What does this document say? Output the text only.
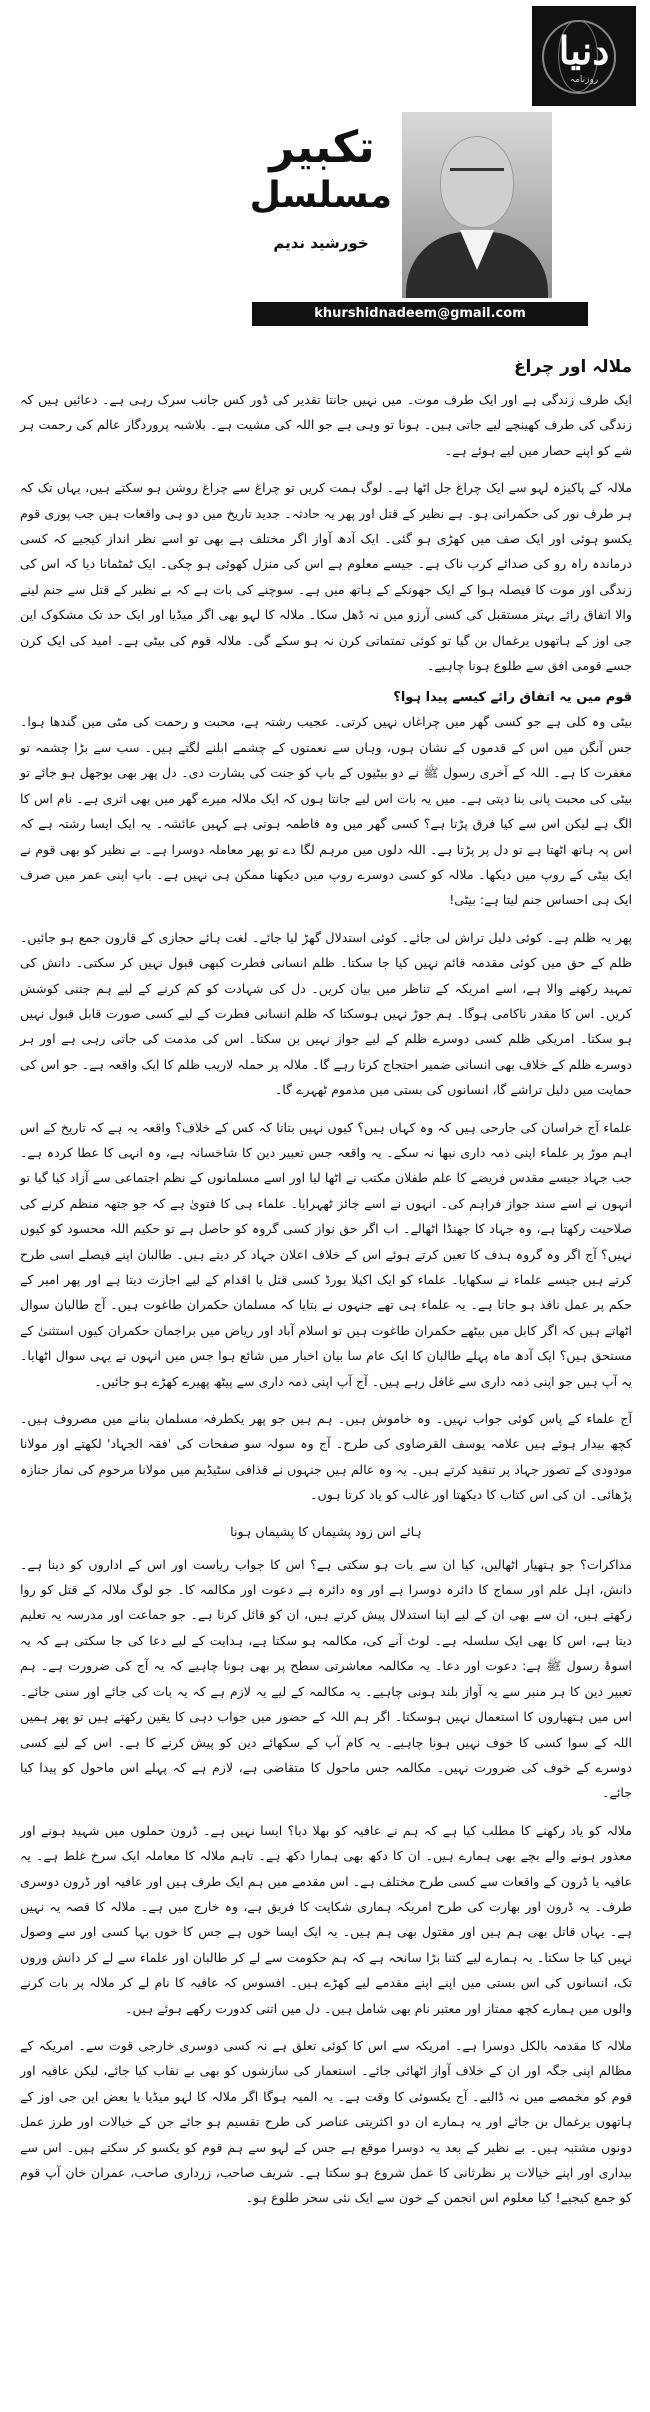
دنیا
روزنامہ
تکبیر
مسلسل
خورشید ندیم
khurshidnadeem@gmail.com
ملالہ اور چراغ

ایک طرف زندگی ہے اور ایک طرف موت۔ میں نہیں جانتا تقدیر کی ڈور کس جانب سرک رہی ہے۔ دعائیں ہیں کہ زندگی کی طرف کھینچے لیے جاتی ہیں۔ ہونا تو وہی ہے جو اللہ کی مشیت ہے۔ بلاشبہ پروردگار عالم کی رحمت ہر شے کو اپنے حصار میں لیے ہوئے ہے۔

ملالہ کے پاکیزہ لہو سے ایک چراغ جل اٹھا ہے۔ لوگ ہمت کریں تو چراغ سے چراغ روشن ہو سکتے ہیں، یہاں تک کہ ہر طرف نور کی حکمرانی ہو۔ ہے نظیر کے قتل اور پھر یہ حادثہ۔ جدید تاریخ میں دو ہی واقعات ہیں جب پوری قوم یکسو ہوئی اور ایک صف میں کھڑی ہو گئی۔ ایک آدھ آواز اگر مختلف ہے بھی تو اسے نظر انداز کیجیے کہ کسی درماندہ راہ رو کی صدائے کرب ناک ہے۔ جیسے معلوم ہے اس کی منزل کھوئی ہو چکی۔ ایک ٹمٹماتا دیا کہ اس کی زندگی اور موت کا فیصلہ ہوا کے ایک جھونکے کے ہاتھ میں ہے۔ سوچنے کی بات ہے کہ بے نظیر کے قتل سے جنم لینے والا اتفاق رائے بہتر مستقبل کی کسی آرزو میں نہ ڈھل سکا۔ ملالہ کا لہو بھی اگر میڈیا اور ایک حد تک مشکوک این جی اوز کے ہاتھوں یرغمال بن گیا تو کوئی تمتماتی کرن نہ ہو سکے گی۔ ملالہ قوم کی بیٹی ہے۔ امید کی ایک کرن جسے قومی افق سے طلوع ہونا چاہیے۔

قوم میں یہ اتفاق رائے کیسے پیدا ہوا؟

بیٹی وہ کلی ہے جو کسی گھر میں چراغاں نہیں کرتی۔ عجیب رشتہ ہے، محبت و رحمت کی مٹی میں گندھا ہوا۔ جس آنگن میں اس کے قدموں کے نشان ہوں، وہاں سے نعمتوں کے چشمے ابلنے لگتے ہیں۔ سب سے بڑا چشمہ تو مغفرت کا ہے۔ اللہ کے آخری رسول ﷺ نے دو بیٹیوں کے باپ کو جنت کی بشارت دی۔ دل پھر بھی بوجھل ہو جائے تو بیٹی کی محبت پانی بنا دیتی ہے۔ میں یہ بات اس لیے جانتا ہوں کہ ایک ملالہ میرے گھر میں بھی اتری ہے۔ نام اس کا الگ ہے لیکن اس سے کیا فرق پڑتا ہے؟ کسی گھر میں وہ فاطمہ ہوتی ہے کہیں عائشہ۔ یہ ایک ایسا رشتہ ہے کہ اس پہ ہاتھ اٹھتا ہے تو دل پر پڑتا ہے۔ اللہ دلوں میں مرہم لگا دے تو پھر معاملہ دوسرا ہے۔ بے نظیر کو بھی قوم نے ایک بیٹی کے روپ میں دیکھا۔ ملالہ کو کسی دوسرے روپ میں دیکھنا ممکن ہی نہیں ہے۔ باپ اپنی عمر میں صرف ایک ہی احساس جنم لیتا ہے: بیٹی!

پھر یہ ظلم ہے۔ کوئی دلیل تراش لی جائے۔ کوئی استدلال گھڑ لیا جائے۔ لغت ہائے حجازی کے قارون جمع ہو جائیں۔ ظلم کے حق میں کوئی مقدمہ قائم نہیں کیا جا سکتا۔ ظلم انسانی فطرت کبھی قبول نہیں کر سکتی۔ دانش کی تمہید رکھنے والا ہے، اسے امریکہ کے تناظر میں بیان کریں۔ دل کی شہادت کو کم کرنے کے لیے ہم جتنی کوشش کریں۔ اس کا مقدر ناکامی ہوگا۔ ہم جوڑ نہیں ہوسکتا کہ ظلم انسانی فطرت کے لیے کسی صورت قابل قبول نہیں ہو سکتا۔ امریکی ظلم کسی دوسرے ظلم کے لیے جواز نہیں بن سکتا۔ اس کی مذمت کی جاتی رہی ہے اور ہر دوسرے ظلم کے خلاف بھی انسانی ضمیر احتجاج کرتا رہے گا۔ ملالہ پر حملہ لاریب ظلم کا ایک واقعہ ہے۔ جو اس کی حمایت میں دلیل تراشے گا، انسانوں کی بستی میں مذموم ٹھہرے گا۔

علماء آج خراسان کی جارحی ہیں کہ وہ کہاں ہیں؟ کیوں نہیں بتاتا کہ کس کے خلاف؟ واقعہ یہ ہے کہ تاریخ کے اس اہم موڑ پر علماء اپنی ذمہ داری نبھا نہ سکے۔ یہ واقعہ جس تعبیر دین کا شاخسانہ ہے، وہ انہی کا عطا کردہ ہے۔ جب جہاد جیسے مقدس فریضے کا علم طفلان مکتب نے اٹھا لیا اور اسے مسلمانوں کے نظم اجتماعی سے آزاد کیا گیا تو انہوں نے اسے سند جواز فراہم کی۔ انہوں نے اسے جائز ٹھہرایا۔ علماء ہی کا فتویٰ ہے کہ جو جتھہ منظم کرنے کی صلاحیت رکھتا ہے، وہ جہاد کا جھنڈا اٹھالے۔ اب اگر حق نواز کسی گروہ کو حاصل ہے تو حکیم اللہ محسود کو کیوں نہیں؟ آج اگر وہ گروہ ہدف کا تعین کرتے ہوئے اس کے خلاف اعلان جہاد کر دیتے ہیں۔ طالبان اپنے فیصلے اسی طرح کرتے ہیں جیسے علماء نے سکھایا۔ علماء کو ایک اکیلا بورڈ کسی قتل یا اقدام کے لیے اجازت دیتا ہے اور پھر امیر کے حکم پر عمل نافذ ہو جاتا ہے۔ یہ علماء ہی تھے جنہوں نے بتایا کہ مسلمان حکمران طاغوت ہیں۔ آج طالبان سوال اٹھاتے ہیں کہ اگر کابل میں بیٹھے حکمران طاغوت ہیں تو اسلام آباد اور ریاض میں براجمان حکمران کیوں استثنیٰ کے مستحق ہیں؟ ایک آدھ ماہ پہلے طالبان کا ایک عام سا بیان اخبار میں شائع ہوا جس میں انہوں نے یہی سوال اٹھایا۔ یہ آپ ہیں جو اپنی ذمہ داری سے غافل رہے ہیں۔ آج آپ اپنی ذمہ داری سے پیٹھ پھیرے کھڑے ہو جائیں۔

آج علماء کے پاس کوئی جواب نہیں۔ وہ خاموش ہیں۔ ہم ہیں جو پھر یکطرفہ مسلمان بنانے میں مصروف ہیں۔ کچھ بیدار ہوئے ہیں علامہ یوسف القرضاوی کی طرح۔ آج وہ سولہ سو صفحات کی 'فقہ الجہاد' لکھتے اور مولانا مودودی کے تصور جہاد پر تنقید کرتے ہیں۔ یہ وہ عالم ہیں جنہوں نے قذافی سٹیڈیم میں مولانا مرحوم کی نماز جنازہ پڑھائی۔ ان کی اس کتاب کا دیکھتا اور غالب کو یاد کرتا ہوں۔

ہائے اس زود پشیماں کا پشیماں ہونا

مذاکرات؟ جو ہتھیار اٹھالیں، کیا ان سے بات ہو سکتی ہے؟ اس کا جواب ریاست اور اس کے اداروں کو دینا ہے۔ دانش، اہل علم اور سماج کا دائرہ دوسرا ہے اور وہ دائرہ ہے دعوت اور مکالمہ کا۔ جو لوگ ملالہ کے قتل کو روا رکھتے ہیں، ان سے بھی ان کے لیے اپنا استدلال پیش کرتے ہیں، ان کو قائل کرنا ہے۔ جو جماعت اور مدرسہ یہ تعلیم دیتا ہے، اس کا بھی ایک سلسلہ ہے۔ لوٹ آنے کی، مکالمہ ہو سکتا ہے، ہدایت کے لیے دعا کی جا سکتی ہے کہ یہ اسوۂ رسول ﷺ ہے: دعوت اور دعا۔ یہ مکالمہ معاشرتی سطح پر بھی ہونا چاہیے کہ یہ آج کی ضرورت ہے۔ ہم تعبیر دین کا ہر منبر سے یہ آواز بلند ہونی چاہیے۔ یہ مکالمہ کے لیے یہ لازم ہے کہ یہ بات کی جائے اور سنی جائے۔ اس میں ہتھیاروں کا استعمال نہیں ہوسکتا۔ اگر ہم اللہ کے حضور میں جواب دہی کا یقین رکھتے ہیں تو پھر ہمیں اللہ کے سوا کسی کا خوف نہیں ہونا چاہیے۔ یہ کام آپ کے سکھائے دین کو پیش کرنے کا ہے۔ اس کے لیے کسی دوسرے کے خوف کی ضرورت نہیں۔ مکالمہ جس ماحول کا متقاضی ہے، لازم ہے کہ پہلے اس ماحول کو پیدا کیا جائے۔

ملالہ کو یاد رکھنے کا مطلب کیا ہے کہ ہم نے عافیہ کو بھلا دیا؟ ایسا نہیں ہے۔ ڈرون حملوں میں شہید ہونے اور معذور ہونے والے بچے بھی ہمارے ہیں۔ ان کا دکھ بھی ہمارا دکھ ہے۔ تاہم ملالہ کا معاملہ ایک سرخ غلط ہے۔ یہ عافیہ یا ڈرون کے واقعات سے کسی طرح مختلف ہے۔ اس مقدمے میں ہم ایک طرف ہیں اور عافیہ اور ڈرون دوسری طرف۔ یہ ڈرون اور بھارت کی طرح امریکہ ہماری شکایت کا فریق ہے، وہ خارج میں ہے۔ ملالہ کا قصہ یہ نہیں ہے۔ یہاں قاتل بھی ہم ہیں اور مقتول بھی ہم ہیں۔ یہ ایک ایسا خوں ہے جس کا خوں بہا کسی اور سے وصول نہیں کیا جا سکتا۔ یہ ہمارے لیے کتنا بڑا سانحہ ہے کہ ہم حکومت سے لے کر طالبان اور علماء سے لے کر دانش وروں تک، انسانوں کی اس بستی میں اپنے اپنے مقدمے لیے کھڑے ہیں۔ افسوس کہ عافیہ کا نام لے کر ملالہ پر بات کرنے والوں میں ہمارے کچھ ممتاز اور معتبر نام بھی شامل ہیں۔ دل میں اتنی کدورت رکھے ہوئے ہیں۔

ملالہ کا مقدمہ بالکل دوسرا ہے۔ امریکہ سے اس کا کوئی تعلق ہے نہ کسی دوسری خارجی قوت سے۔ امریکہ کے مظالم اپنی جگہ اور ان کے خلاف آواز اٹھائی جائے۔ استعمار کی سازشوں کو بھی بے نقاب کیا جائے، لیکن عافیہ اور قوم کو مخمصے میں نہ ڈالیے۔ آج یکسوئی کا وقت ہے۔ یہ المیہ ہوگا اگر ملالہ کا لہو میڈیا یا بعض این جی اوز کے ہاتھوں یرغمال بن جائے اور یہ ہمارے ان دو اکثریتی عناصر کی طرح تقسیم ہو جائے جن کے خیالات اور طرز عمل دونوں مشتبہ ہیں۔ بے نظیر کے بعد یہ دوسرا موقع ہے جس کے لہو سے ہم قوم کو یکسو کر سکتے ہیں۔ اس سے بیداری اور اپنے خیالات پر نظرثانی کا عمل شروع ہو سکتا ہے۔ شریف صاحب، زرداری صاحب، عمران خان آپ قوم کو جمع کیجیے! کیا معلوم اس انجمن کے خون سے ایک نئی سحر طلوع ہو۔
